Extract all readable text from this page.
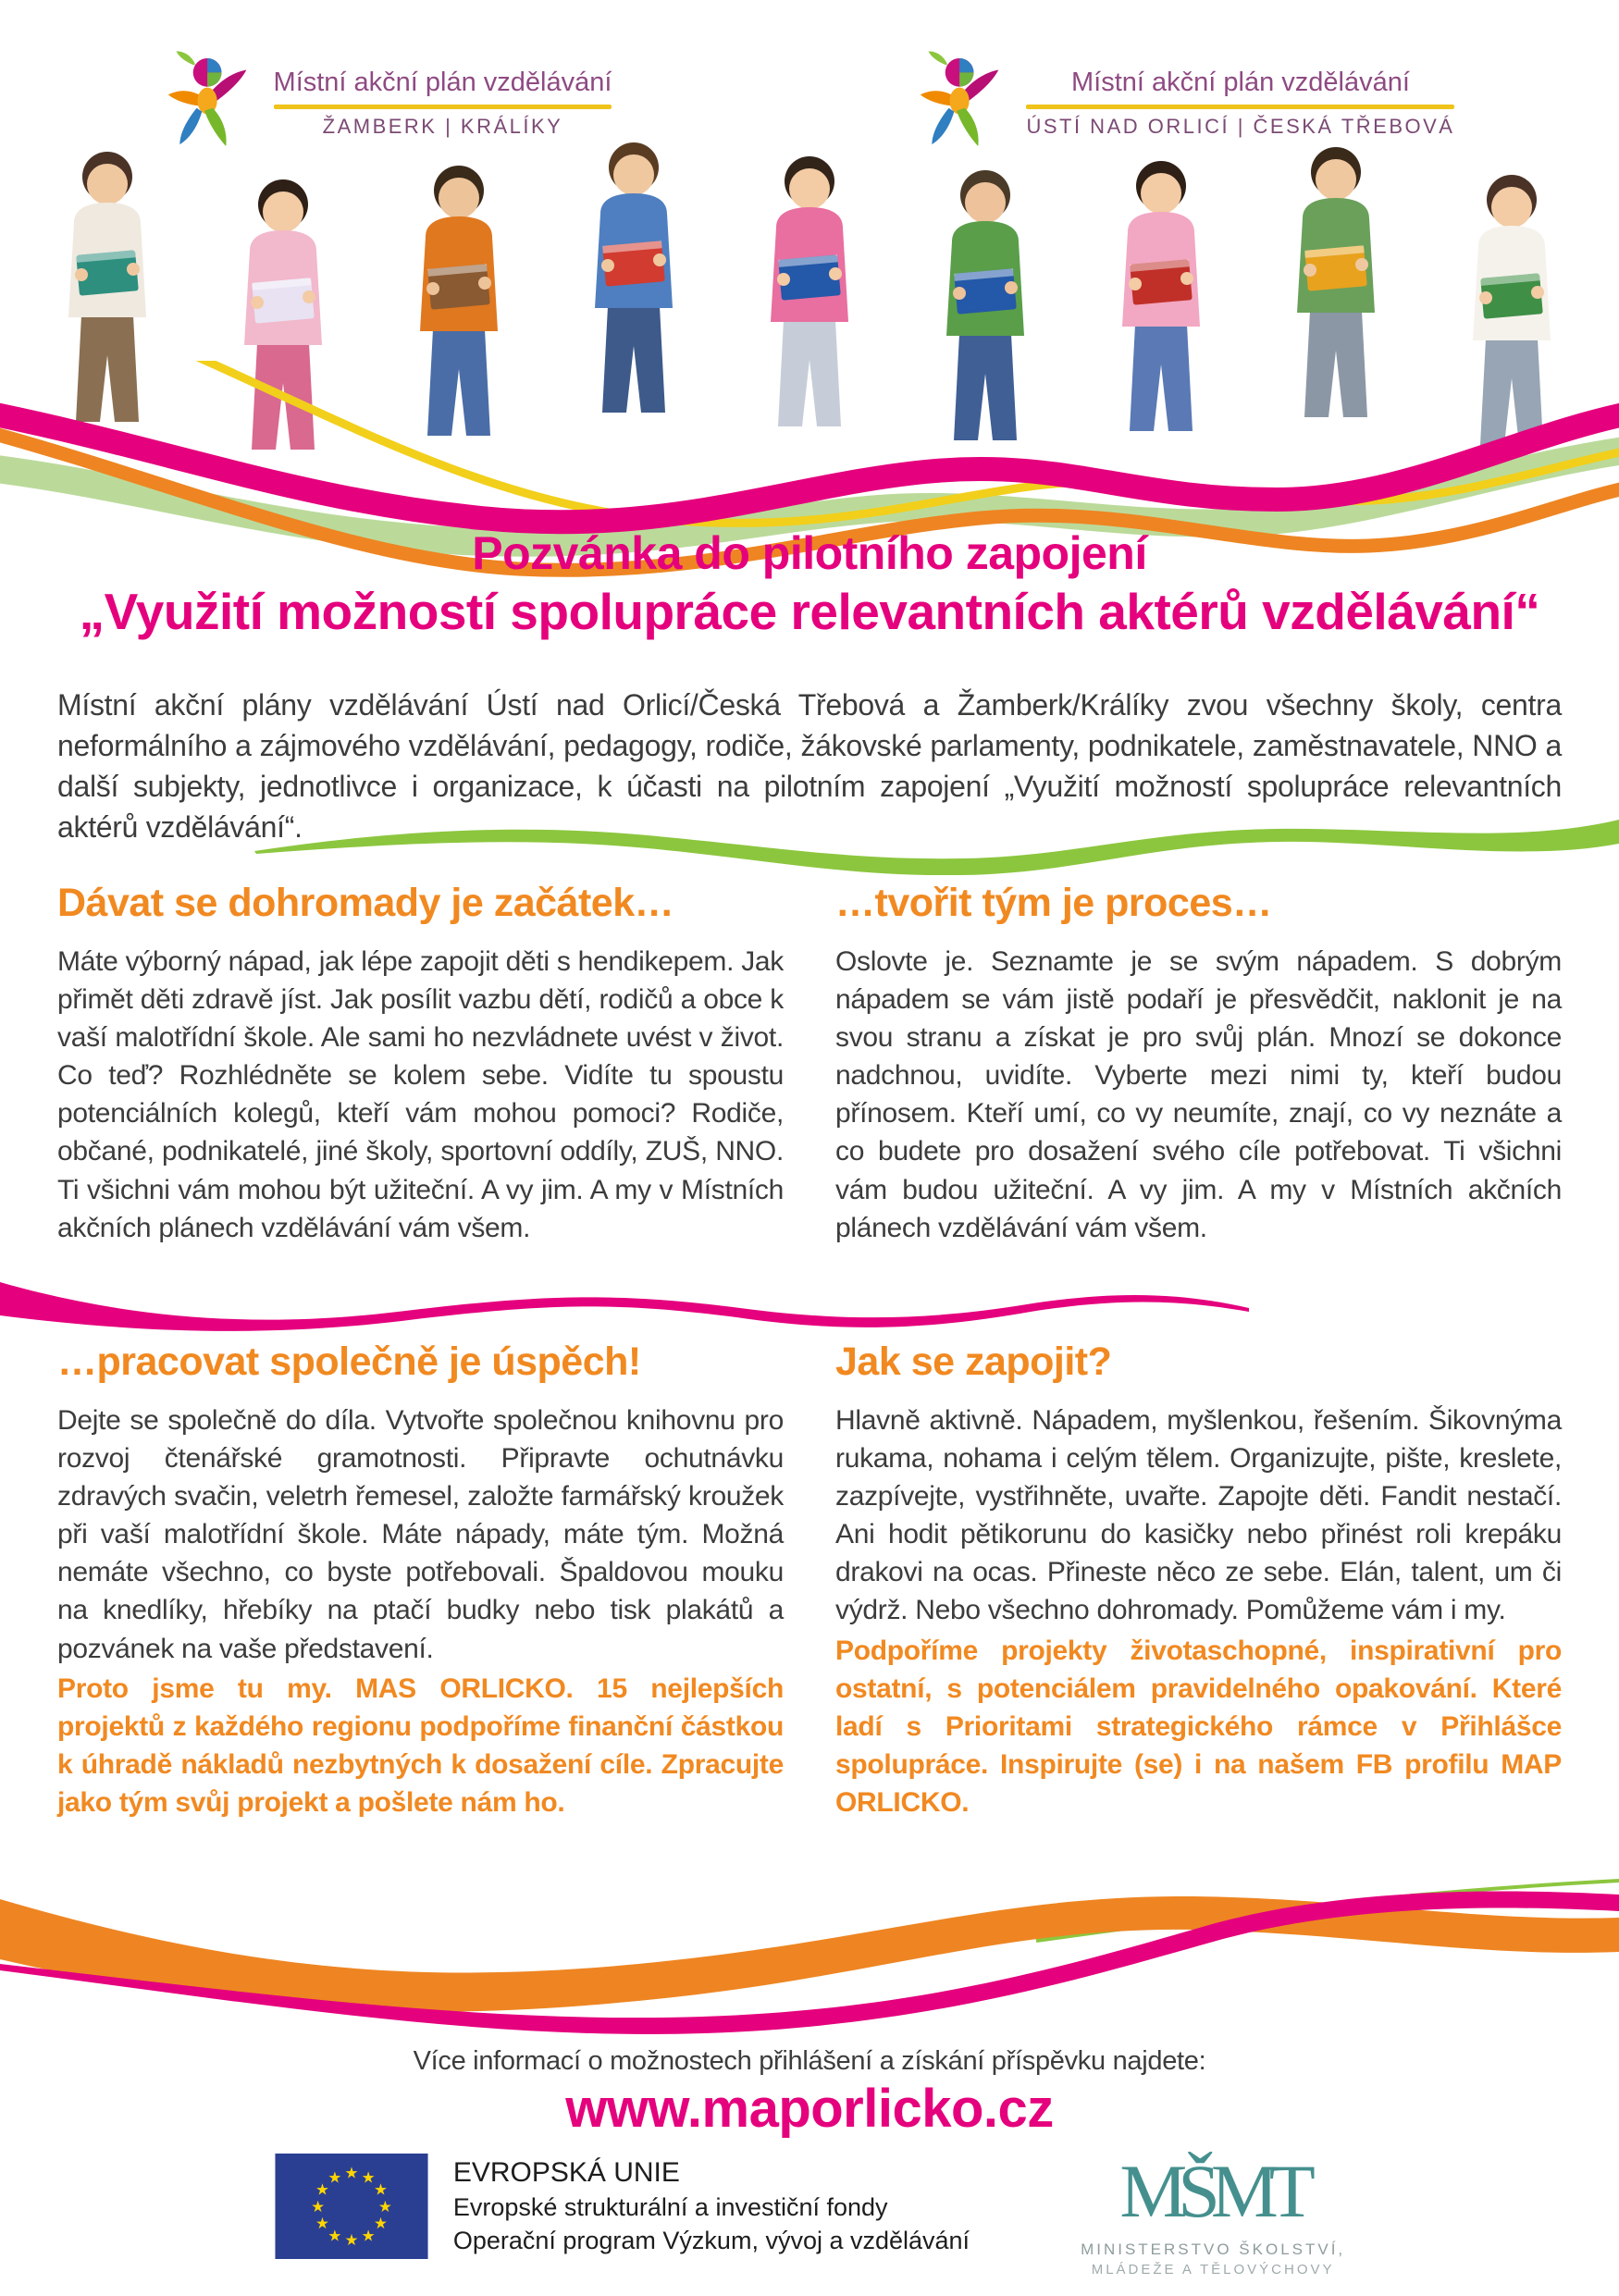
Místní akční plán vzdělávání
ŽAMBERK | KRÁLÍKY
Místní akční plán vzdělávání
ÚSTÍ NAD ORLICÍ | ČESKÁ TŘEBOVÁ
Pozvánka do pilotního zapojení
„Využití možností spolupráce relevantních aktérů vzdělávání“
Místní akční plány vzdělávání Ústí nad Orlicí/Česká Třebová a Žamberk/Králíky zvou všechny školy, centra neformálního a zájmového vzdělávání, pedagogy, rodiče, žákovské parlamenty, podnikatele, zaměstnavatele, NNO a další subjekty, jednotlivce i organizace, k účasti na pilotním zapojení „Využití možností spolupráce relevantních aktérů vzdělávání“.
Dávat se dohromady je začátek…

Máte výborný nápad, jak lépe zapojit děti s hendikepem. Jak přimět děti zdravě jíst. Jak posílit vazbu dětí, rodičů a obce k vaší malotřídní škole. Ale sami ho nezvládnete uvést v život. Co teď? Rozhlédněte se kolem sebe. Vidíte tu spoustu potenciálních kolegů, kteří vám mohou pomoci? Rodiče, občané, podnikatelé, jiné školy, sportovní oddíly, ZUŠ, NNO. Ti všichni vám mohou být užiteční. A vy jim. A my v Místních akčních plánech vzdělávání vám všem.

…tvořit tým je proces…

Oslovte je. Seznamte je se svým nápadem. S dobrým nápadem se vám jistě podaří je přesvědčit, naklonit je na svou stranu a získat je pro svůj plán. Mnozí se dokonce nadchnou, uvidíte. Vyberte mezi nimi ty, kteří budou přínosem. Kteří umí, co vy neumíte, znají, co vy neznáte a co budete pro dosažení svého cíle potřebovat. Ti všichni vám budou užiteční. A vy jim. A my v Místních akčních plánech vzdělávání vám všem.

…pracovat společně je úspěch!

Dejte se společně do díla. Vytvořte společnou knihovnu pro rozvoj čtenářské gramotnosti. Připravte ochutnávku zdravých svačin, veletrh řemesel, založte farmářský kroužek při vaší malotřídní škole. Máte nápady, máte tým. Možná nemáte všechno, co byste potřebovali. Špaldovou mouku na knedlíky, hřebíky na ptačí budky nebo tisk plakátů a pozvánek na vaše představení.

Proto jsme tu my. MAS ORLICKO. 15 nejlepších projektů z každého regionu podpoříme finanční částkou k úhradě nákladů nezbytných k dosažení cíle. Zpracujte jako tým svůj projekt a pošlete nám ho.

Jak se zapojit?

Hlavně aktivně. Nápadem, myšlenkou, řešením. Šikovnýma rukama, nohama i celým tělem. Organizujte, pište, kreslete, zazpívejte, vystřihněte, uvařte. Zapojte děti. Fandit nestačí. Ani hodit pětikorunu do kasičky nebo přinést roli krepáku drakovi na ocas. Přineste něco ze sebe. Elán, talent, um či výdrž. Nebo všechno dohromady. Pomůžeme vám i my.

Podpoříme projekty životaschopné, inspirativní pro ostatní, s potenciálem pravidelného opakování. Které ladí s Prioritami strategického rámce v Přihlášce spolupráce. Inspirujte (se) i na našem FB profilu MAP ORLICKO.

Více informací o možnostech přihlášení a získání příspěvku najdete:
www.maporlicko.cz
★ ★
★
★
★
★
★
★
★
★
★
★	EVROPSKÁ UNIE
Evropské strukturální a investiční fondy
Operační program Výzkum, vývoj a vzdělávání
MŠMT
MINISTERSTVO ŠKOLSTVÍ,
MLÁDEŽE A TĚLOVÝCHOVY
